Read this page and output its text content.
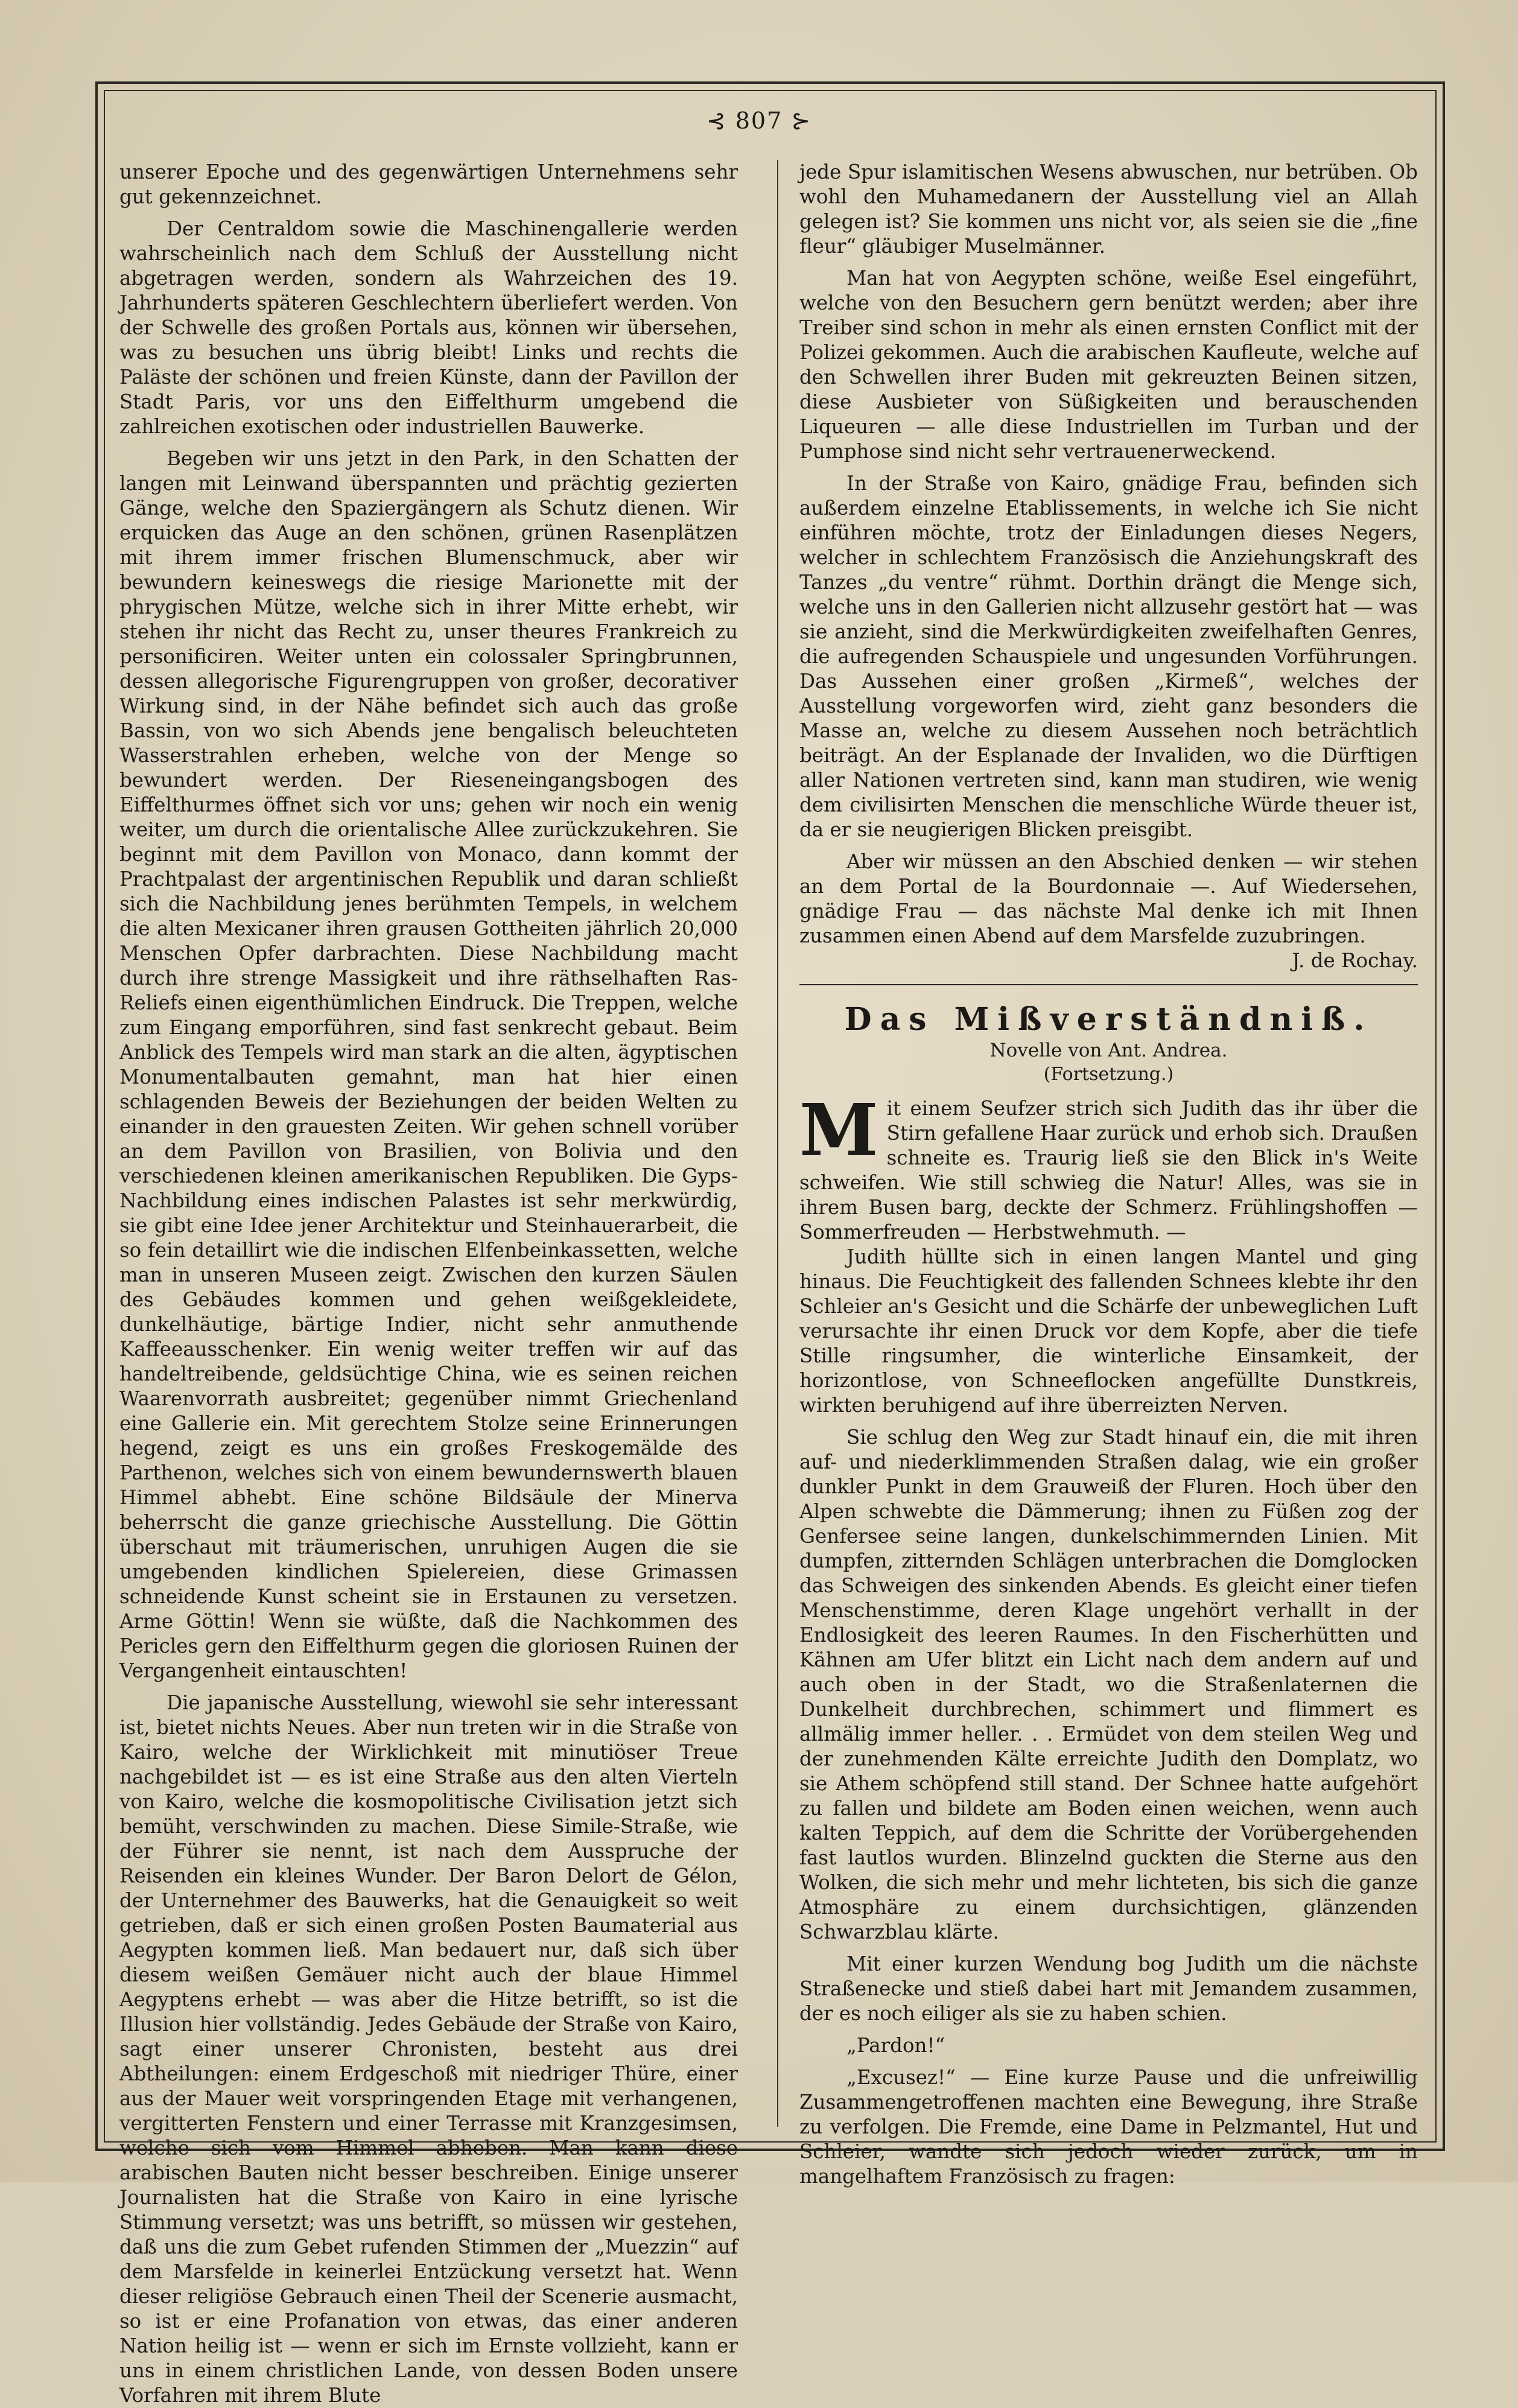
⊰ 807 ⊱

unserer Epoche und des gegenwärtigen Unternehmens sehr gut gekennzeichnet.

Der Centraldom sowie die Maschinengallerie werden wahrscheinlich nach dem Schluß der Ausstellung nicht abgetragen werden, sondern als Wahrzeichen des 19. Jahrhunderts späteren Geschlechtern überliefert werden. Von der Schwelle des großen Portals aus, können wir übersehen, was zu besuchen uns übrig bleibt! Links und rechts die Paläste der schönen und freien Künste, dann der Pavillon der Stadt Paris, vor uns den Eiffelthurm umgebend die zahlreichen exotischen oder industriellen Bauwerke.

Begeben wir uns jetzt in den Park, in den Schatten der langen mit Leinwand überspannten und prächtig gezierten Gänge, welche den Spaziergängern als Schutz dienen. Wir erquicken das Auge an den schönen, grünen Rasenplätzen mit ihrem immer frischen Blumenschmuck, aber wir bewundern keineswegs die riesige Marionette mit der phrygischen Mütze, welche sich in ihrer Mitte erhebt, wir stehen ihr nicht das Recht zu, unser theures Frankreich zu personificiren. Weiter unten ein colossaler Springbrunnen, dessen allegorische Figurengruppen von großer, decorativer Wirkung sind, in der Nähe befindet sich auch das große Bassin, von wo sich Abends jene bengalisch beleuchteten Wasserstrahlen erheben, welche von der Menge so bewundert werden. Der Rieseneingangsbogen des Eiffelthurmes öffnet sich vor uns; gehen wir noch ein wenig weiter, um durch die orientalische Allee zurückzukehren. Sie beginnt mit dem Pavillon von Monaco, dann kommt der Prachtpalast der argentinischen Republik und daran schließt sich die Nachbildung jenes berühmten Tempels, in welchem die alten Mexicaner ihren grausen Gottheiten jährlich 20,000 Menschen Opfer darbrachten. Diese Nachbildung macht durch ihre strenge Massigkeit und ihre räthselhaften Ras-Reliefs einen eigenthümlichen Eindruck. Die Treppen, welche zum Eingang emporführen, sind fast senkrecht gebaut. Beim Anblick des Tempels wird man stark an die alten, ägyptischen Monumentalbauten gemahnt, man hat hier einen schlagenden Beweis der Beziehungen der beiden Welten zu einander in den grauesten Zeiten. Wir gehen schnell vorüber an dem Pavillon von Brasilien, von Bolivia und den verschiedenen kleinen amerikanischen Republiken. Die Gyps-Nachbildung eines indischen Palastes ist sehr merkwürdig, sie gibt eine Idee jener Architektur und Steinhauerarbeit, die so fein detaillirt wie die indischen Elfenbeinkassetten, welche man in unseren Museen zeigt. Zwischen den kurzen Säulen des Gebäudes kommen und gehen weißgekleidete, dunkelhäutige, bärtige Indier, nicht sehr anmuthende Kaffeeausschenker. Ein wenig weiter treffen wir auf das handeltreibende, geldsüchtige China, wie es seinen reichen Waarenvorrath ausbreitet; gegenüber nimmt Griechenland eine Gallerie ein. Mit gerechtem Stolze seine Erinnerungen hegend, zeigt es uns ein großes Freskogemälde des Parthenon, welches sich von einem bewundernswerth blauen Himmel abhebt. Eine schöne Bildsäule der Minerva beherrscht die ganze griechische Ausstellung. Die Göttin überschaut mit träumerischen, unruhigen Augen die sie umgebenden kindlichen Spielereien, diese Grimassen schneidende Kunst scheint sie in Erstaunen zu versetzen. Arme Göttin! Wenn sie wüßte, daß die Nachkommen des Pericles gern den Eiffelthurm gegen die gloriosen Ruinen der Vergangenheit eintauschten!

Die japanische Ausstellung, wiewohl sie sehr interessant ist, bietet nichts Neues. Aber nun treten wir in die Straße von Kairo, welche der Wirklichkeit mit minutiöser Treue nachgebildet ist — es ist eine Straße aus den alten Vierteln von Kairo, welche die kosmopolitische Civilisation jetzt sich bemüht, verschwinden zu machen. Diese Simile-Straße, wie der Führer sie nennt, ist nach dem Ausspruche der Reisenden ein kleines Wunder. Der Baron Delort de Gélon, der Unternehmer des Bauwerks, hat die Genauigkeit so weit getrieben, daß er sich einen großen Posten Baumaterial aus Aegypten kommen ließ. Man bedauert nur, daß sich über diesem weißen Gemäuer nicht auch der blaue Himmel Aegyptens erhebt — was aber die Hitze betrifft, so ist die Illusion hier vollständig. Jedes Gebäude der Straße von Kairo, sagt einer unserer Chronisten, besteht aus drei Abtheilungen: einem Erdgeschoß mit niedriger Thüre, einer aus der Mauer weit vorspringenden Etage mit verhangenen, vergitterten Fenstern und einer Terrasse mit Kranzgesimsen, welche sich vom Himmel abheben. Man kann diese arabischen Bauten nicht besser beschreiben. Einige unserer Journalisten hat die Straße von Kairo in eine lyrische Stimmung versetzt; was uns betrifft, so müssen wir gestehen, daß uns die zum Gebet rufenden Stimmen der „Muezzin“ auf dem Marsfelde in keinerlei Entzückung versetzt hat. Wenn dieser religiöse Gebrauch einen Theil der Scenerie ausmacht, so ist er eine Profanation von etwas, das einer anderen Nation heilig ist — wenn er sich im Ernste vollzieht, kann er uns in einem christlichen Lande, von dessen Boden unsere Vorfahren mit ihrem Blute

jede Spur islamitischen Wesens abwuschen, nur betrüben. Ob wohl den Muhamedanern der Ausstellung viel an Allah gelegen ist? Sie kommen uns nicht vor, als seien sie die „fine fleur“ gläubiger Muselmänner.

Man hat von Aegypten schöne, weiße Esel eingeführt, welche von den Besuchern gern benützt werden; aber ihre Treiber sind schon in mehr als einen ernsten Conflict mit der Polizei gekommen. Auch die arabischen Kaufleute, welche auf den Schwellen ihrer Buden mit gekreuzten Beinen sitzen, diese Ausbieter von Süßigkeiten und berauschenden Liqueuren — alle diese Industriellen im Turban und der Pumphose sind nicht sehr vertrauenerweckend.

In der Straße von Kairo, gnädige Frau, befinden sich außerdem einzelne Etablissements, in welche ich Sie nicht einführen möchte, trotz der Einladungen dieses Negers, welcher in schlechtem Französisch die Anziehungskraft des Tanzes „du ventre“ rühmt. Dorthin drängt die Menge sich, welche uns in den Gallerien nicht allzusehr gestört hat — was sie anzieht, sind die Merkwürdigkeiten zweifelhaften Genres, die aufregenden Schauspiele und ungesunden Vorführungen. Das Aussehen einer großen „Kirmeß“, welches der Ausstellung vorgeworfen wird, zieht ganz besonders die Masse an, welche zu diesem Aussehen noch beträchtlich beiträgt. An der Esplanade der Invaliden, wo die Dürftigen aller Nationen vertreten sind, kann man studiren, wie wenig dem civilisirten Menschen die menschliche Würde theuer ist, da er sie neugierigen Blicken preisgibt.

Aber wir müssen an den Abschied denken — wir stehen an dem Portal de la Bourdonnaie —. Auf Wiedersehen, gnädige Frau — das nächste Mal denke ich mit Ihnen zusammen einen Abend auf dem Marsfelde zuzubringen.

J. de Rochay.
Das Mißverständniß.
Novelle von Ant. Andrea.
(Fortsetzung.)
M it einem Seufzer strich sich Judith das ihr über die Stirn gefallene Haar zurück und erhob sich. Draußen schneite es. Traurig ließ sie den Blick in's Weite schweifen. Wie still schwieg die Natur! Alles, was sie in ihrem Busen barg, deckte der Schmerz. Frühlingshoffen — Sommerfreuden — Herbstwehmuth. —

Judith hüllte sich in einen langen Mantel und ging hinaus. Die Feuchtigkeit des fallenden Schnees klebte ihr den Schleier an's Gesicht und die Schärfe der unbeweglichen Luft verursachte ihr einen Druck vor dem Kopfe, aber die tiefe Stille ringsumher, die winterliche Einsamkeit, der horizontlose, von Schneeflocken angefüllte Dunstkreis, wirkten beruhigend auf ihre überreizten Nerven.

Sie schlug den Weg zur Stadt hinauf ein, die mit ihren auf- und niederklimmenden Straßen dalag, wie ein großer dunkler Punkt in dem Grauweiß der Fluren. Hoch über den Alpen schwebte die Dämmerung; ihnen zu Füßen zog der Genfersee seine langen, dunkelschimmernden Linien. Mit dumpfen, zitternden Schlägen unterbrachen die Domglocken das Schweigen des sinkenden Abends. Es gleicht einer tiefen Menschenstimme, deren Klage ungehört verhallt in der Endlosigkeit des leeren Raumes. In den Fischerhütten und Kähnen am Ufer blitzt ein Licht nach dem andern auf und auch oben in der Stadt, wo die Straßenlaternen die Dunkelheit durchbrechen, schimmert und flimmert es allmälig immer heller. . . Ermüdet von dem steilen Weg und der zunehmenden Kälte erreichte Judith den Domplatz, wo sie Athem schöpfend still stand. Der Schnee hatte aufgehört zu fallen und bildete am Boden einen weichen, wenn auch kalten Teppich, auf dem die Schritte der Vorübergehenden fast lautlos wurden. Blinzelnd guckten die Sterne aus den Wolken, die sich mehr und mehr lichteten, bis sich die ganze Atmosphäre zu einem durchsichtigen, glänzenden Schwarzblau klärte.

Mit einer kurzen Wendung bog Judith um die nächste Straßenecke und stieß dabei hart mit Jemandem zusammen, der es noch eiliger als sie zu haben schien.

„Pardon!“

„Excusez!“ — Eine kurze Pause und die unfreiwillig Zusammengetroffenen machten eine Bewegung, ihre Straße zu verfolgen. Die Fremde, eine Dame in Pelzmantel, Hut und Schleier, wandte sich jedoch wieder zurück, um in mangelhaftem Französisch zu fragen:
